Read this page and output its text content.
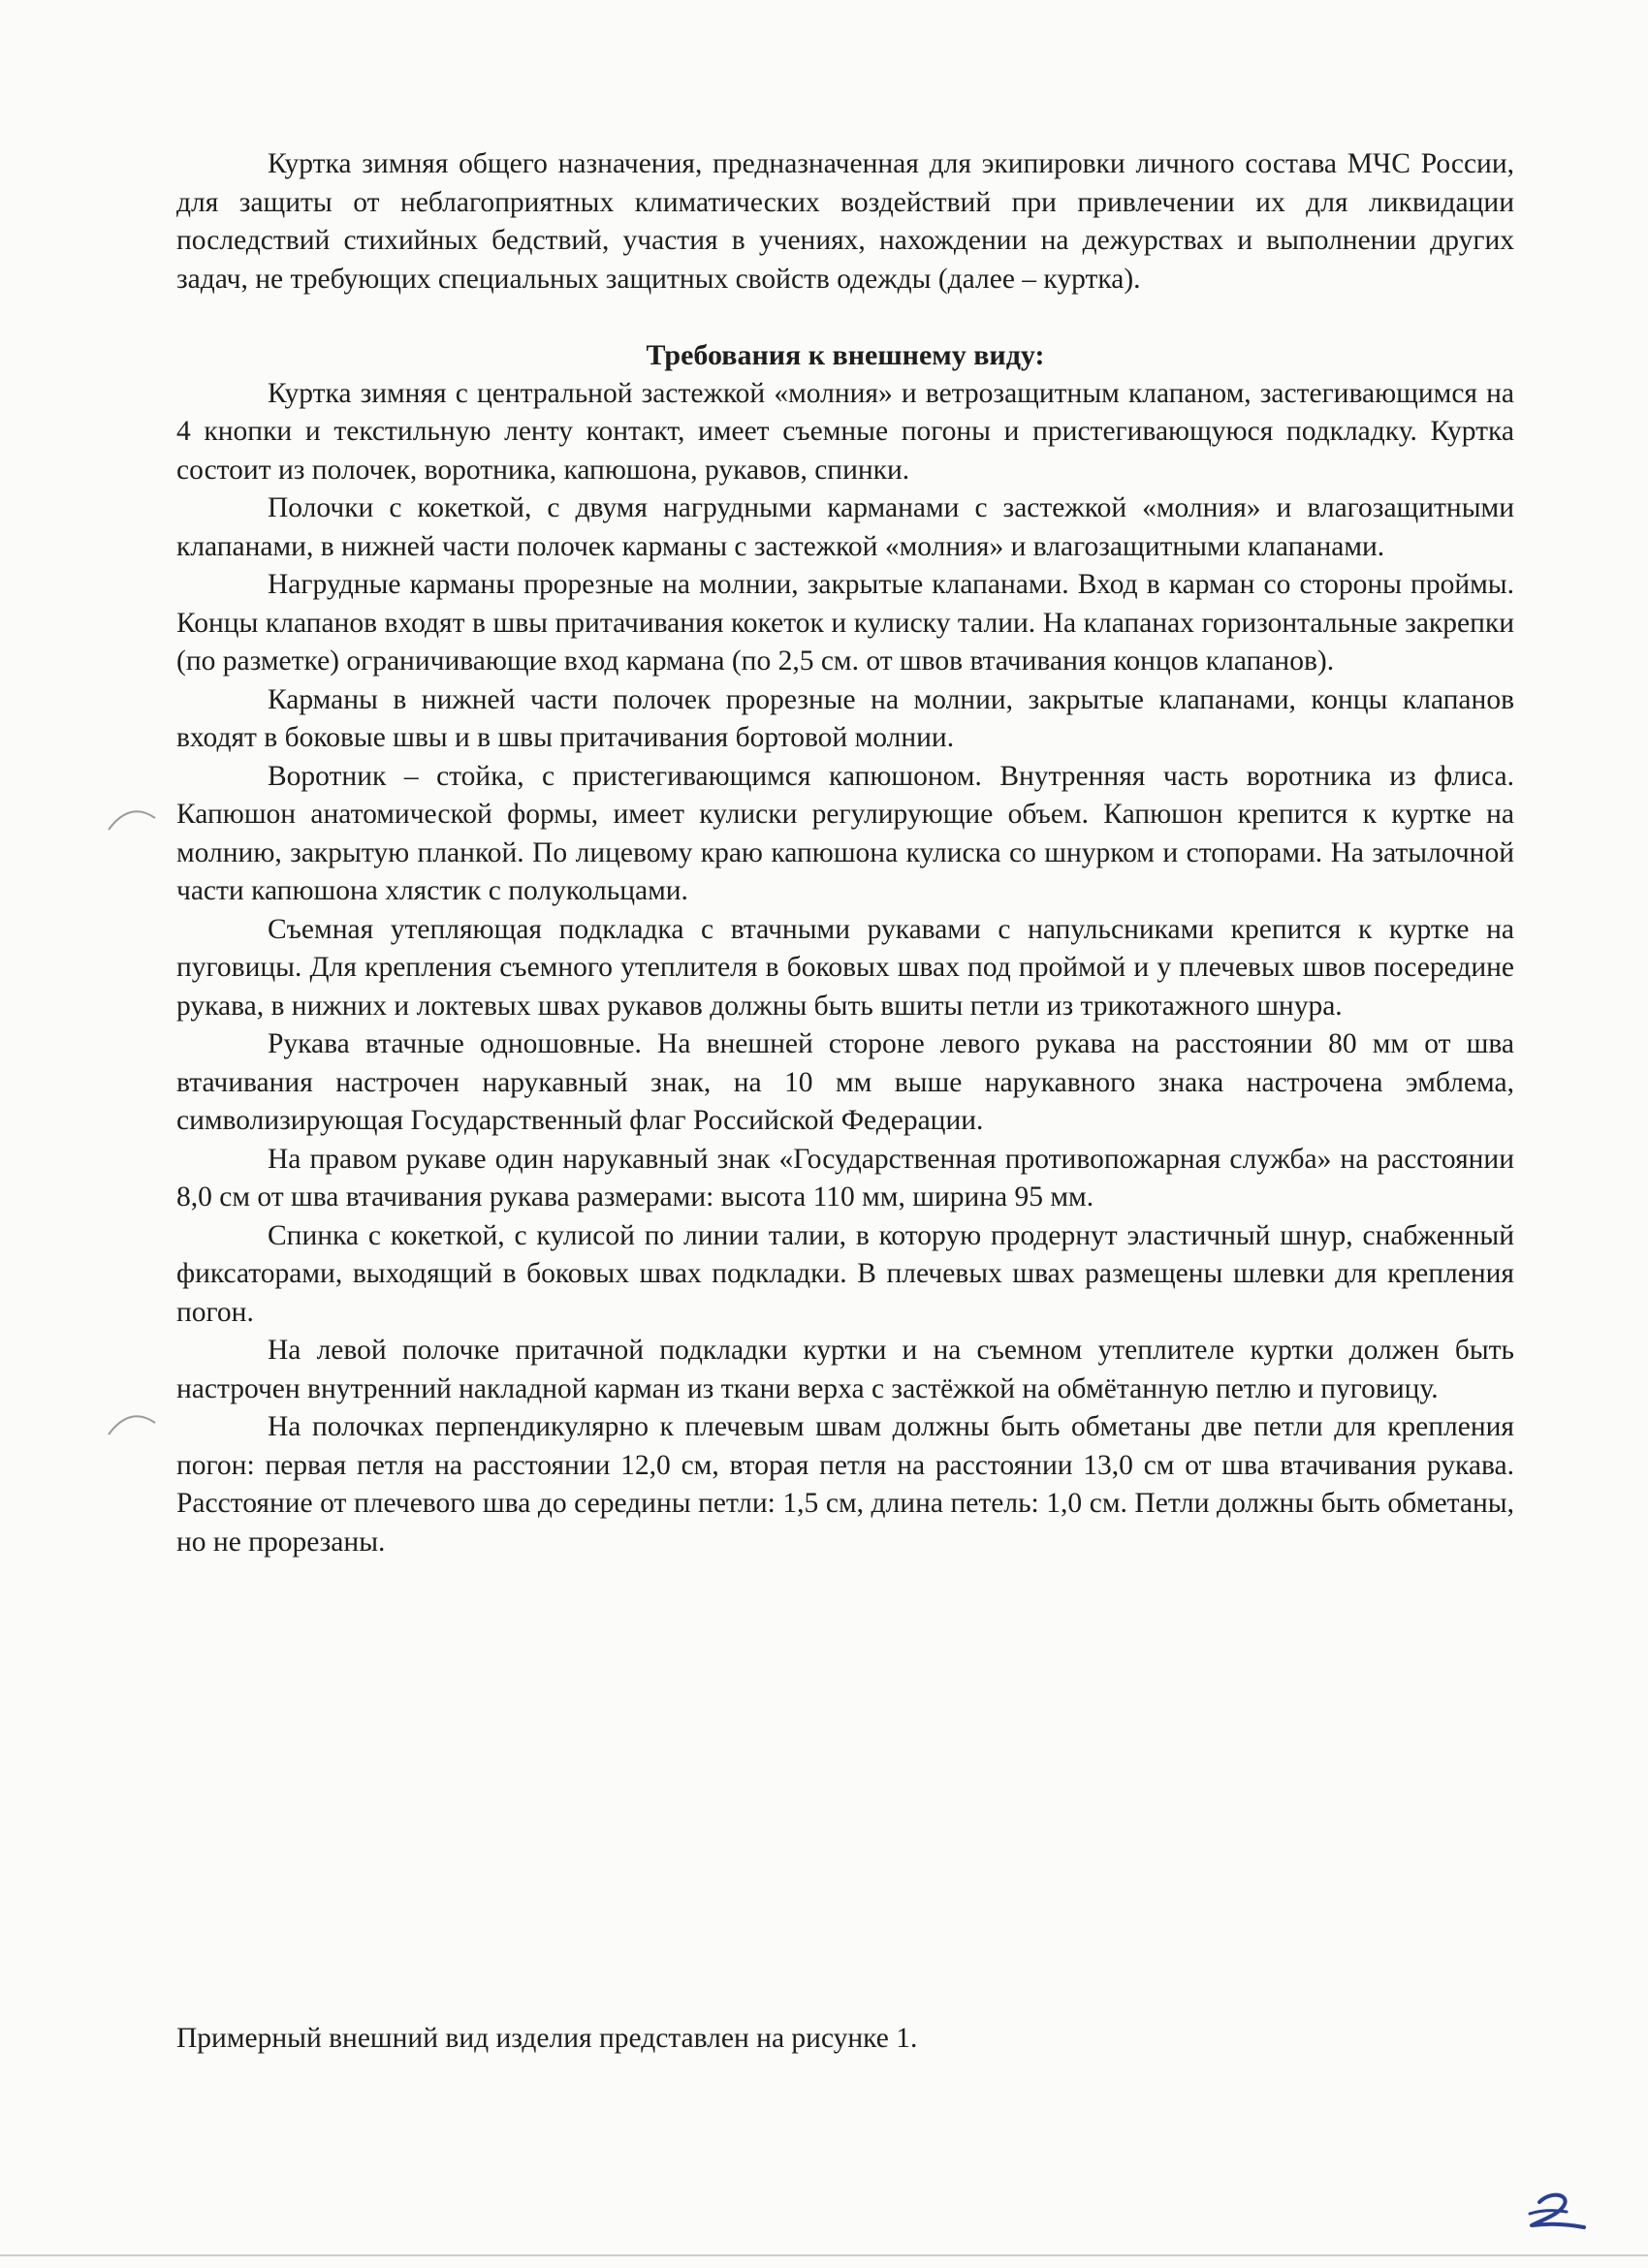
Куртка зимняя общего назначения, предназначенная для экипировки личного состава МЧС России, для защиты от неблагоприятных климатических воздействий при привлечении их для ликвидации последствий стихийных бедствий, участия в учениях, нахождении на дежурствах и выполнении других задач, не требующих специальных защитных свойств одежды (далее – куртка).

Требования к внешнему виду:

Куртка зимняя с центральной застежкой «молния» и ветрозащитным клапаном, застегивающимся на 4 кнопки и текстильную ленту контакт, имеет съемные погоны и пристегивающуюся подкладку. Куртка состоит из полочек, воротника, капюшона, рукавов, спинки.

Полочки с кокеткой, с двумя нагрудными карманами с застежкой «молния» и влагозащитными клапанами, в нижней части полочек карманы с застежкой «молния» и влагозащитными клапанами.

Нагрудные карманы прорезные на молнии, закрытые клапанами. Вход в карман со стороны проймы. Концы клапанов входят в швы притачивания кокеток и кулиску талии. На клапанах горизонтальные закрепки (по разметке) ограничивающие вход кармана (по 2,5 см. от швов втачивания концов клапанов).

Карманы в нижней части полочек прорезные на молнии, закрытые клапанами, концы клапанов входят в боковые швы и в швы притачивания бортовой молнии.

Воротник – стойка, с пристегивающимся капюшоном. Внутренняя часть воротника из флиса. Капюшон анатомической формы, имеет кулиски регулирующие объем. Капюшон крепится к куртке на молнию, закрытую планкой. По лицевому краю капюшона кулиска со шнурком и стопорами. На затылочной части капюшона хлястик с полукольцами.

Съемная утепляющая подкладка с втачными рукавами с напульсниками крепится к куртке на пуговицы. Для крепления съемного утеплителя в боковых швах под проймой и у плечевых швов посередине рукава, в нижних и локтевых швах рукавов должны быть вшиты петли из трикотажного шнура.

Рукава втачные одношовные. На внешней стороне левого рукава на расстоянии 80 мм от шва втачивания настрочен нарукавный знак, на 10 мм выше нарукавного знака настрочена эмблема, символизирующая Государственный флаг Российской Федерации.

На правом рукаве один нарукавный знак «Государственная противопожарная служба» на расстоянии 8,0 см от шва втачивания рукава размерами: высота 110 мм, ширина 95 мм.

Спинка с кокеткой, с кулисой по линии талии, в которую продернут эластичный шнур, снабженный фиксаторами, выходящий в боковых швах подкладки. В плечевых швах размещены шлевки для крепления погон.

На левой полочке притачной подкладки куртки и на съемном утеплителе куртки должен быть настрочен внутренний накладной карман из ткани верха с застёжкой на обмётанную петлю и пуговицу.

На полочках перпендикулярно к плечевым швам должны быть обметаны две петли для крепления погон: первая петля на расстоянии 12,0 см, вторая петля на расстоянии 13,0 см от шва втачивания рукава. Расстояние от плечевого шва до середины петли: 1,5 см, длина петель: 1,0 см. Петли должны быть обметаны, но не прорезаны.

Примерный внешний вид изделия представлен на рисунке 1.
